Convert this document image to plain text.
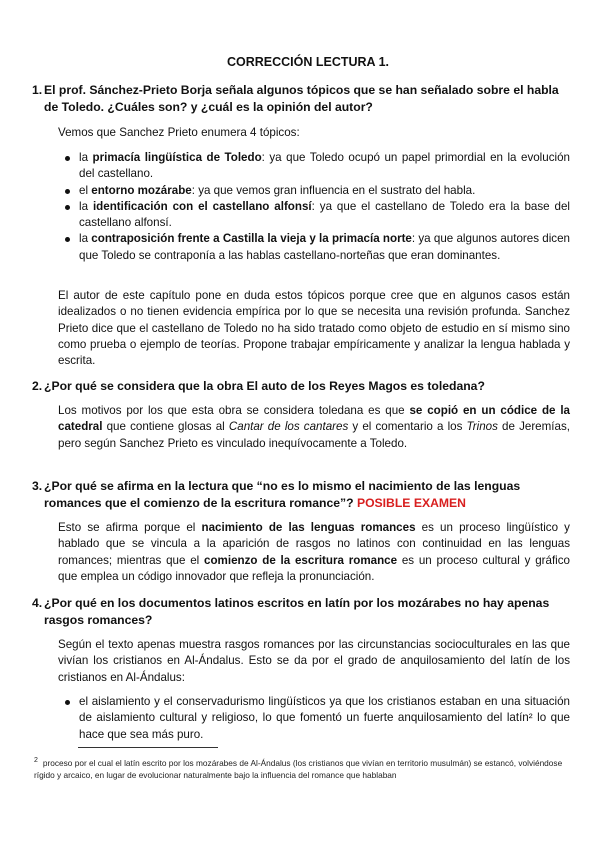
CORRECCIÓN LECTURA 1.
1. El prof. Sánchez-Prieto Borja señala algunos tópicos que se han señalado sobre el habla de Toledo. ¿Cuáles son? y ¿cuál es la opinión del autor?
Vemos que Sanchez Prieto enumera 4 tópicos:
la primacía lingüística de Toledo: ya que Toledo ocupó un papel primordial en la evolución del castellano.
el entorno mozárabe: ya que vemos gran influencia en el sustrato del habla.
la identificación con el castellano alfonsí: ya que el castellano de Toledo era la base del castellano alfonsí.
la contraposición frente a Castilla la vieja y la primacía norte: ya que algunos autores dicen que Toledo se contraponía a las hablas castellano-norteñas que eran dominantes.
El autor de este capítulo pone en duda estos tópicos porque cree que en algunos casos están idealizados o no tienen evidencia empírica por lo que se necesita una revisión profunda. Sanchez Prieto dice que el castellano de Toledo no ha sido tratado como objeto de estudio en sí mismo sino como prueba o ejemplo de teorías. Propone trabajar empíricamente y analizar la lengua hablada y escrita.
2. ¿Por qué se considera que la obra El auto de los Reyes Magos es toledana?
Los motivos por los que esta obra se considera toledana es que se copió en un códice de la catedral que contiene glosas al Cantar de los cantares y el comentario a los Trinos de Jeremías, pero según Sanchez Prieto es vinculado inequívocamente a Toledo.
3. ¿Por qué se afirma en la lectura que “no es lo mismo el nacimiento de las lenguas romances que el comienzo de la escritura romance”? POSIBLE EXAMEN
Esto se afirma porque el nacimiento de las lenguas romances es un proceso lingüístico y hablado que se vincula a la aparición de rasgos no latinos con continuidad en las lenguas romances; mientras que el comienzo de la escritura romance es un proceso cultural y gráfico que emplea un código innovador que refleja la pronunciación.
4. ¿Por qué en los documentos latinos escritos en latín por los mozárabes no hay apenas rasgos romances?
Según el texto apenas muestra rasgos romances por las circunstancias socioculturales en las que vivían los cristianos en Al-Ándalus. Esto se da por el grado de anquilosamiento del latín de los cristianos en Al-Ándalus:
el aislamiento y el conservadurismo lingüísticos ya que los cristianos estaban en una situación de aislamiento cultural y religioso, lo que fomentó un fuerte anquilosamiento del latín² lo que hace que sea más puro.
$^2$ proceso por el cual el latín escrito por los mozárabes de Al-Ándalus (los cristianos que vivían en territorio musulmán) se estancó, volviéndose rígido y arcaico, en lugar de evolucionar naturalmente bajo la influencia del romance que hablaban
